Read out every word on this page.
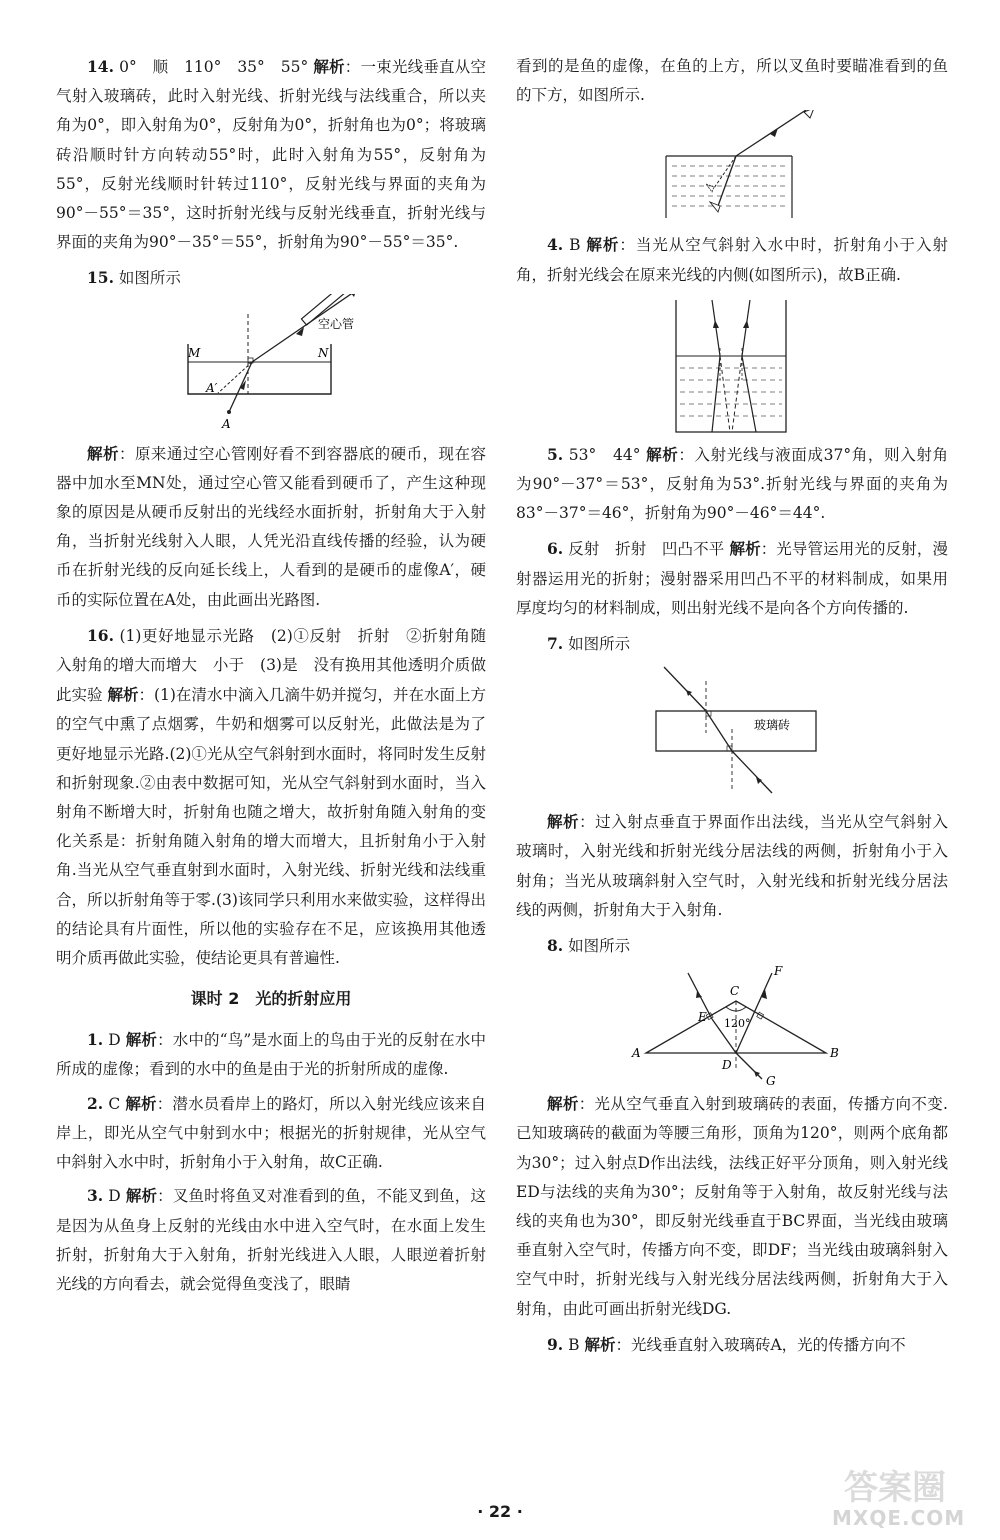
14. 0°　顺　110°　35°　55° 解析：一束光线垂直从空气射入玻璃砖，此时入射光线、折射光线与法线重合，所以夹角为0°，即入射角为0°，反射角为0°，折射角也为0°；将玻璃砖沿顺时针方向转动55°时，此时入射角为55°，反射角为55°，反射光线顺时针转过110°，反射光线与界面的夹角为90°－55°＝35°，这时折射光线与反射光线垂直，折射光线与界面的夹角为90°－35°＝55°，折射角为90°－55°＝35°.

15. 如图所示

M	N
A′
A
空心管

解析：原来通过空心管刚好看不到容器底的硬币，现在容器中加水至MN处，通过空心管又能看到硬币了，产生这种现象的原因是从硬币反射出的光线经水面折射，折射角大于入射角，当折射光线射入人眼，人凭光沿直线传播的经验，认为硬币在折射光线的反向延长线上，人看到的是硬币的虚像A′，硬币的实际位置在A处，由此画出光路图.

16. (1)更好地显示光路　(2)①反射　折射　②折射角随入射角的增大而增大　小于　(3)是　没有换用其他透明介质做此实验 解析：(1)在清水中滴入几滴牛奶并搅匀，并在水面上方的空气中熏了点烟雾，牛奶和烟雾可以反射光，此做法是为了更好地显示光路.(2)①光从空气斜射到水面时，将同时发生反射和折射现象.②由表中数据可知，光从空气斜射到水面时，当入射角不断增大时，折射角也随之增大，故折射角随入射角的变化关系是：折射角随入射角的增大而增大，且折射角小于入射角.当光从空气垂直射到水面时，入射光线、折射光线和法线重合，所以折射角等于零.(3)该同学只利用水来做实验，这样得出的结论具有片面性，所以他的实验存在不足，应该换用其他透明介质再做此实验，使结论更具有普遍性.

课时 2　光的折射应用

1. D 解析：水中的“鸟”是水面上的鸟由于光的反射在水中所成的虚像；看到的水中的鱼是由于光的折射所成的虚像.

2. C 解析：潜水员看岸上的路灯，所以入射光线应该来自岸上，即光从空气中射到水中；根据光的折射规律，光从空气中斜射入水中时，折射角小于入射角，故C正确.

3. D 解析：叉鱼时将鱼叉对准看到的鱼，不能叉到鱼，这是因为从鱼身上反射的光线由水中进入空气时，在水面上发生折射，折射角大于入射角，折射光线进入人眼，人眼逆着折射光线的方向看去，就会觉得鱼变浅了，眼睛

看到的是鱼的虚像，在鱼的上方，所以叉鱼时要瞄准看到的鱼的下方，如图所示.

4. B 解析：当光从空气斜射入水中时，折射角小于入射角，折射光线会在原来光线的内侧(如图所示)，故B正确.

5. 53°　44° 解析：入射光线与液面成37°角，则入射角为90°－37°＝53°，反射角为53°.折射光线与界面的夹角为83°－37°＝46°，折射角为90°－46°＝44°.

6. 反射　折射　凹凸不平 解析：光导管运用光的反射，漫射器运用光的折射；漫射器采用凹凸不平的材料制成，如果用厚度均匀的材料制成，则出射光线不是向各个方向传播的.

7. 如图所示

玻璃砖

解析：过入射点垂直于界面作出法线，当光从空气斜射入玻璃时，入射光线和折射光线分居法线的两侧，折射角小于入射角；当光从玻璃斜射入空气时，入射光线和折射光线分居法线的两侧，折射角大于入射角.

8. 如图所示

C
F
E 120°
A
D
G
B

解析：光从空气垂直入射到玻璃砖的表面，传播方向不变.已知玻璃砖的截面为等腰三角形，顶角为120°，则两个底角都为30°；过入射点D作出法线，法线正好平分顶角，则入射光线ED与法线的夹角为30°；反射角等于入射角，故反射光线与法线的夹角也为30°，即反射光线垂直于BC界面，当光线由玻璃垂直射入空气时，传播方向不变，即DF；当光线由玻璃斜射入空气中时，折射光线与入射光线分居法线两侧，折射角大于入射角，由此可画出折射光线DG.

9. B 解析：光线垂直射入玻璃砖A，光的传播方向不

· 22 ·
答案圈
MXQE.COM
